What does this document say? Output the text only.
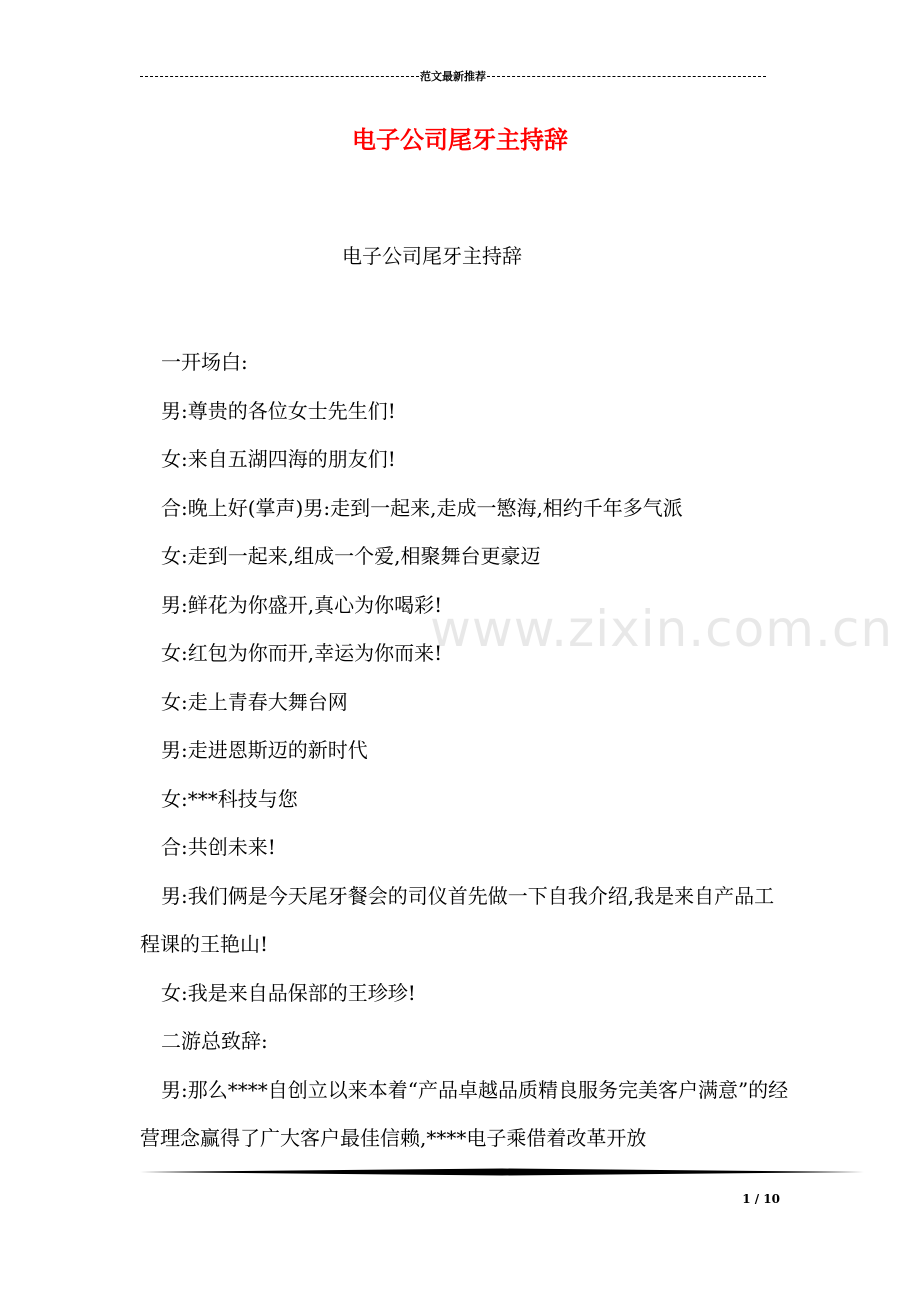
范文最新推荐
电子公司尾牙主持辞
电子公司尾牙主持辞

一开场白:

男:尊贵的各位女士先生们!

女:来自五湖四海的朋友们!

合:晚上好(掌声)男:走到一起来,走成一慜海,相约千年多气派

女:走到一起来,组成一个爱,相聚舞台更豪迈

男:鲜花为你盛开,真心为你喝彩!

女:红包为你而开,幸运为你而来!

女:走上青春大舞台网

男:走进恩斯迈的新时代

女:***科技与您

合:共创未来!

男:我们俩是今天尾牙餐会的司仪首先做一下自我介绍,我是来自产品工程课的王艳山!

女:我是来自品保部的王珍珍!

二游总致辞:

男:那么****自创立以来本着“产品卓越品质精良服务完美客户满意”的经营理念赢得了广大客户最佳信赖,****电子乘借着改革开放

www.zixin.com.cn
1 / 10
